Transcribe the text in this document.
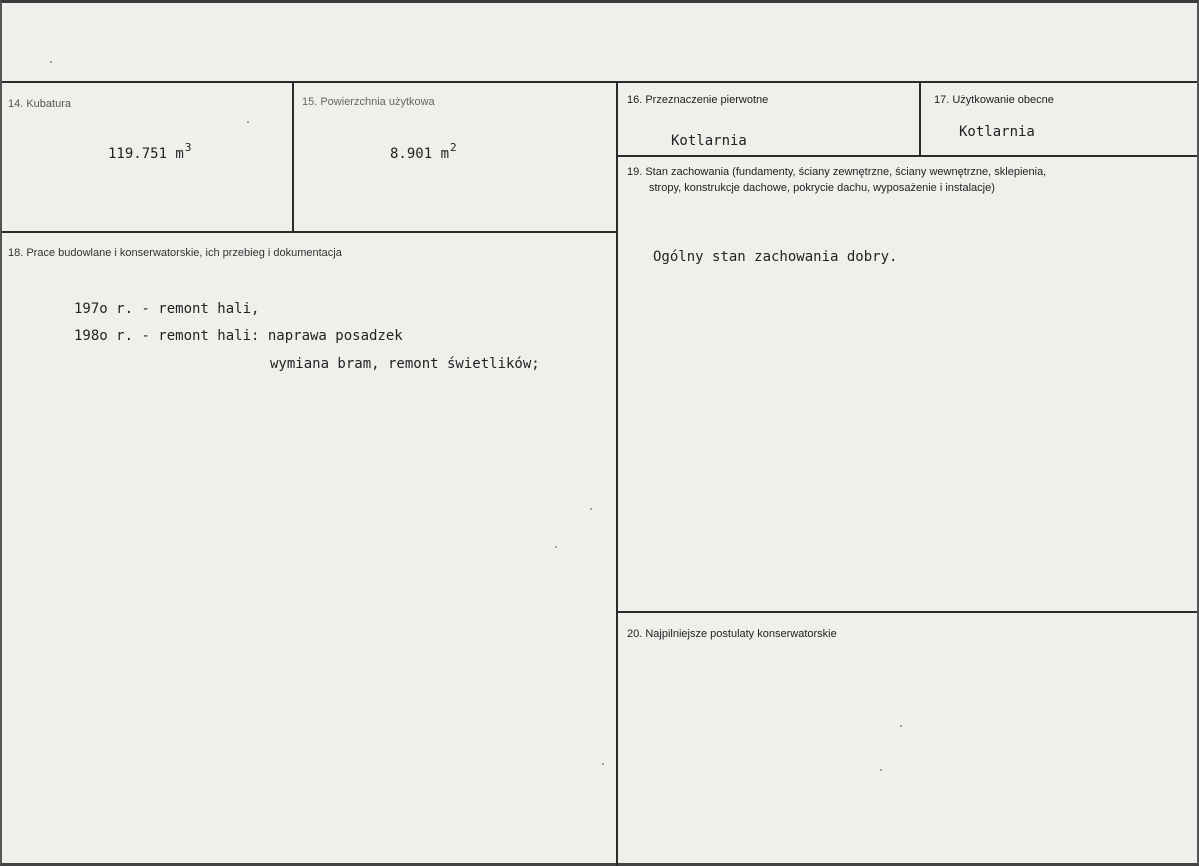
14. Kubatura
119.751 $m^3$
15. Powierzchnia użytkowa
8.901 $m^2$
16. Przeznaczenie pierwotne
Kotlarnia
17. Użytkowanie obecne
Kotlarnia
18. Prace budowlane i konserwatorskie, ich przebieg i dokumentacja
197o r. - remont hali,
198o r. - remont hali: naprawa posadzek
wymiana bram, remont świetlików;
19. Stan zachowania (fundamenty, ściany zewnętrzne, ściany wewnętrzne, sklepienia,
stropy, konstrukcje dachowe, pokrycie dachu, wyposażenie i instalacje)
Ogólny stan zachowania dobry.
20. Najpilniejsze postulaty konserwatorskie
